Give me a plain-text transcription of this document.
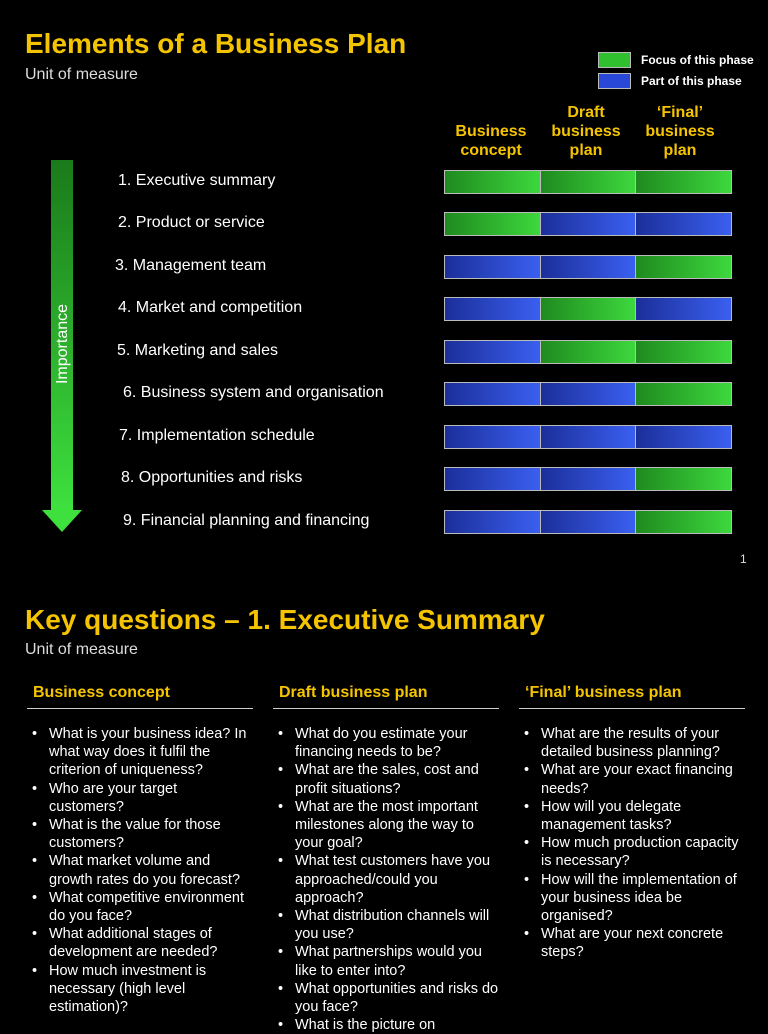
Elements of a Business Plan
Unit of measure
Focus of this phase
Part of this phase
Business
concept
Draft
business
plan
‘Final’
business
plan
Importance
1. Executive summary
2. Product or service
3. Management team
4. Market and competition
5. Marketing and sales
6. Business system and organisation
7. Implementation schedule
8. Opportunities and risks
9. Financial planning and financing
1
Key questions – 1. Executive Summary
Unit of measure
Business concept
• What is your business idea? In what way does it fulfil the criterion of uniqueness?
• Who are your target customers?
• What is the value for those customers?
• What market volume and growth rates do you forecast?
• What competitive environment do you face?
• What additional stages of development are needed?
• How much investment is necessary (high level estimation)?
Draft business plan
• What do you estimate your financing needs to be?
• What are the sales, cost and profit situations?
• What are the most important milestones along the way to your goal?
• What test customers have you approached/could you approach?
• What distribution channels will you use?
• What partnerships would you like to enter into?
• What opportunities and risks do you face?
• What is the picture on
‘Final’ business plan
• What are the results of your detailed business planning?
• What are your exact financing needs?
• How will you delegate management tasks?
• How much production capacity is necessary?
• How will the implementation of your business idea be organised?
• What are your next concrete steps?
